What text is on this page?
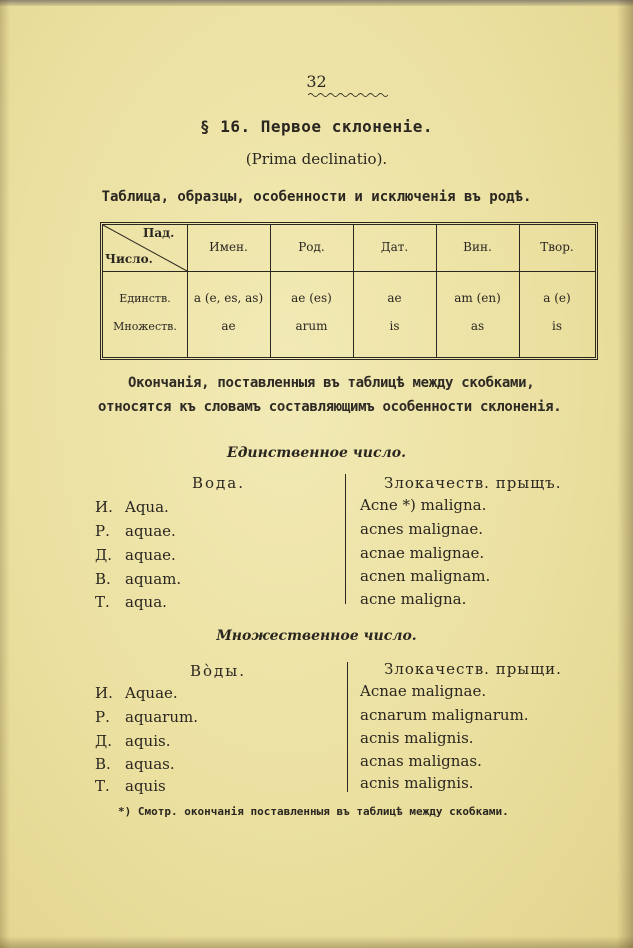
32
§ 16. Первое склоненіе.
(Prima declinatio).
Таблица, образцы, особенности и исключенія въ родѣ.
Пад.
Число.
Имен.	Род.	Дат.	Вин.	Твор.
Единств.	a (e, es, as)	ae (es)	ae	am (en)	a (e)
Множеств.	ae	arum	is	as	is
Окончанія, поставленныя въ таблицѣ между скобками,
относятся къ словамъ составляющимъ особенности склоненія.
Единственное число.
Вода.	Злокачеств. прыщъ.
И. Aqua.	Acne *) maligna.
Р. aquae.	acnes malignae.
Д. aquae.	acnae malignae.
В. aquam.	acnen malignam.
Т. aqua.	acne maligna.
Множественное число.
Вòды.	Злокачеств. прыщи.
И. Aquae.	Acnae malignae.
Р. aquarum.	acnarum malignarum.
Д. aquis.	acnis malignis.
В. aquas.	acnas malignas.
Т. aquis	acnis malignis.
*) Смотр. окончанія поставленныя въ таблицѣ между скобками.
